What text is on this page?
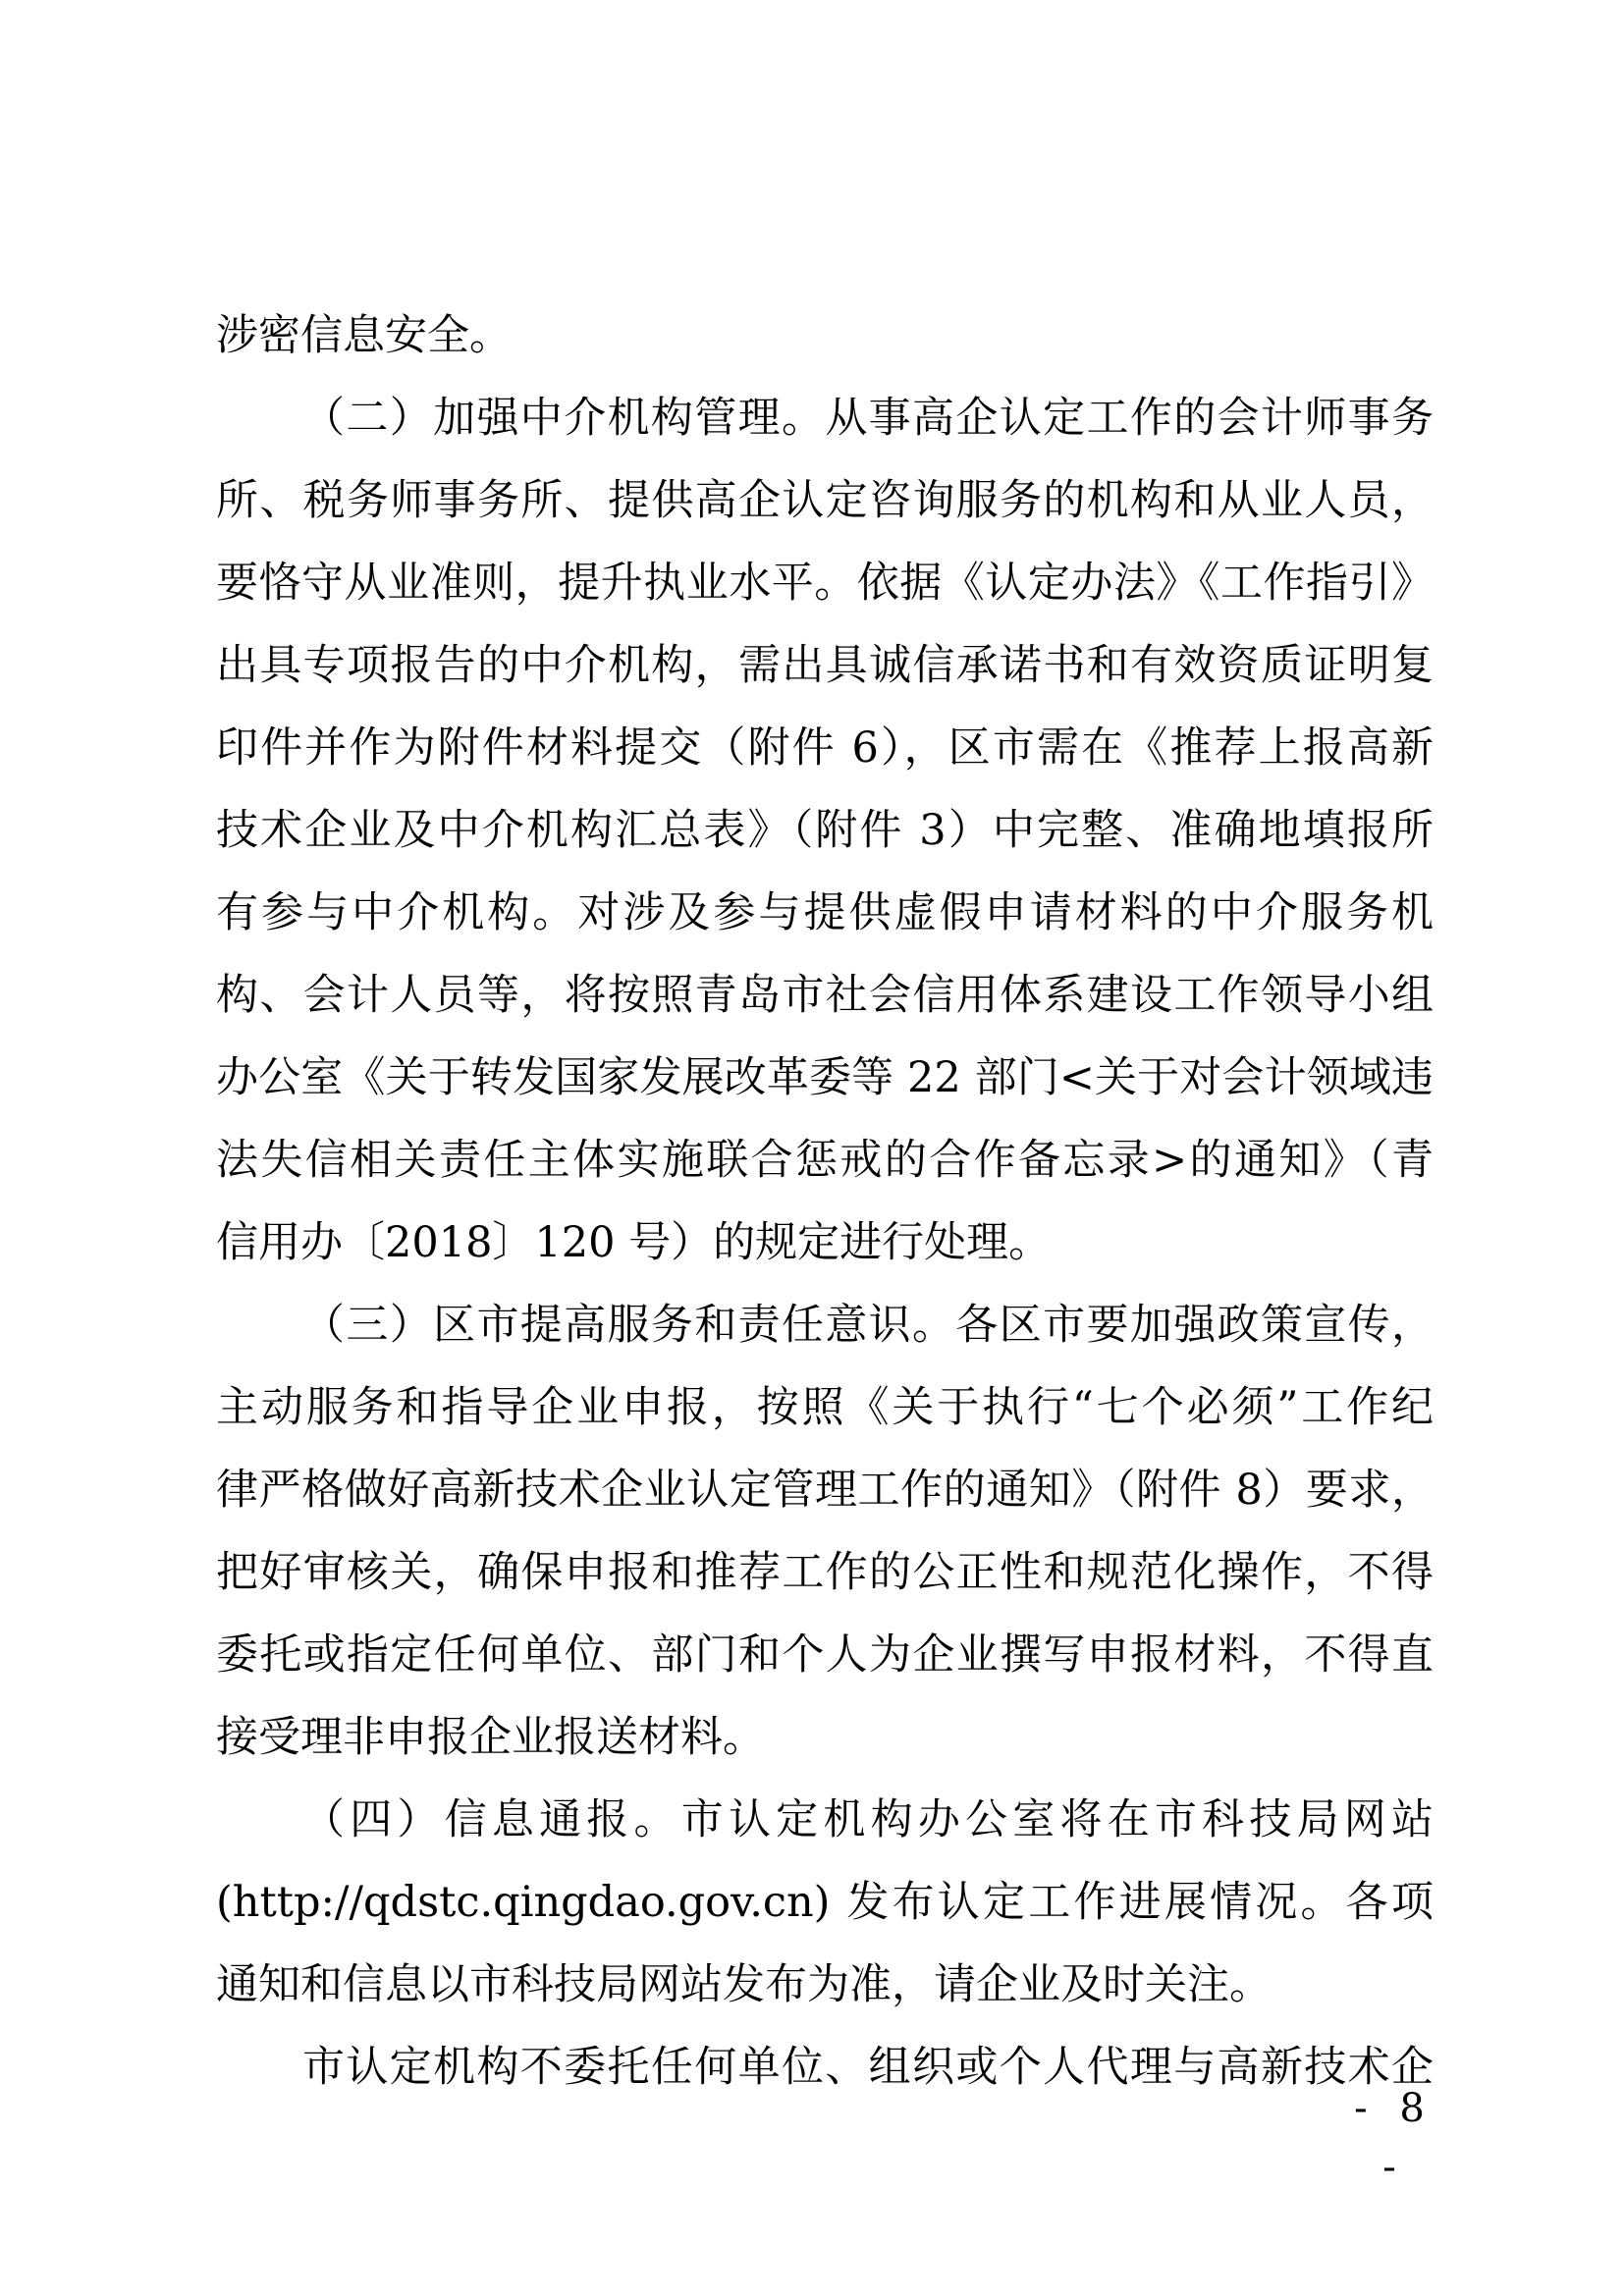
涉密信息安全。
（二）加强中介机构管理。从事高企认定工作的会计师事务
所、税务师事务所、提供高企认定咨询服务的机构和从业人员，
要恪守从业准则，提升执业水平。依据《认定办法》《工作指引》
出具专项报告的中介机构，需出具诚信承诺书和有效资质证明复
印件并作为附件材料提交（附件 6），区市需在《推荐上报高新
技术企业及中介机构汇总表》（附件 3）中完整、准确地填报所
有参与中介机构。对涉及参与提供虚假申请材料的中介服务机
构、会计人员等，将按照青岛市社会信用体系建设工作领导小组
办公室《关于转发国家发展改革委等 22 部门<关于对会计领域违
法失信相关责任主体实施联合惩戒的合作备忘录>的通知》（青
信用办〔2018〕120 号）的规定进行处理。
（三）区市提高服务和责任意识。各区市要加强政策宣传，
主动服务和指导企业申报，按照《关于执行“七个必须”工作纪
律严格做好高新技术企业认定管理工作的通知》（附件 8）要求，
把好审核关，确保申报和推荐工作的公正性和规范化操作，不得
委托或指定任何单位、部门和个人为企业撰写申报材料，不得直
接受理非申报企业报送材料。
（四）信息通报。市认定机构办公室将在市科技局网站
(http://qdstc.qingdao.gov.cn) 发布认定工作进展情况。各项
通知和信息以市科技局网站发布为准，请企业及时关注。
市认定机构不委托任何单位、组织或个人代理与高新技术企
- 8 -
